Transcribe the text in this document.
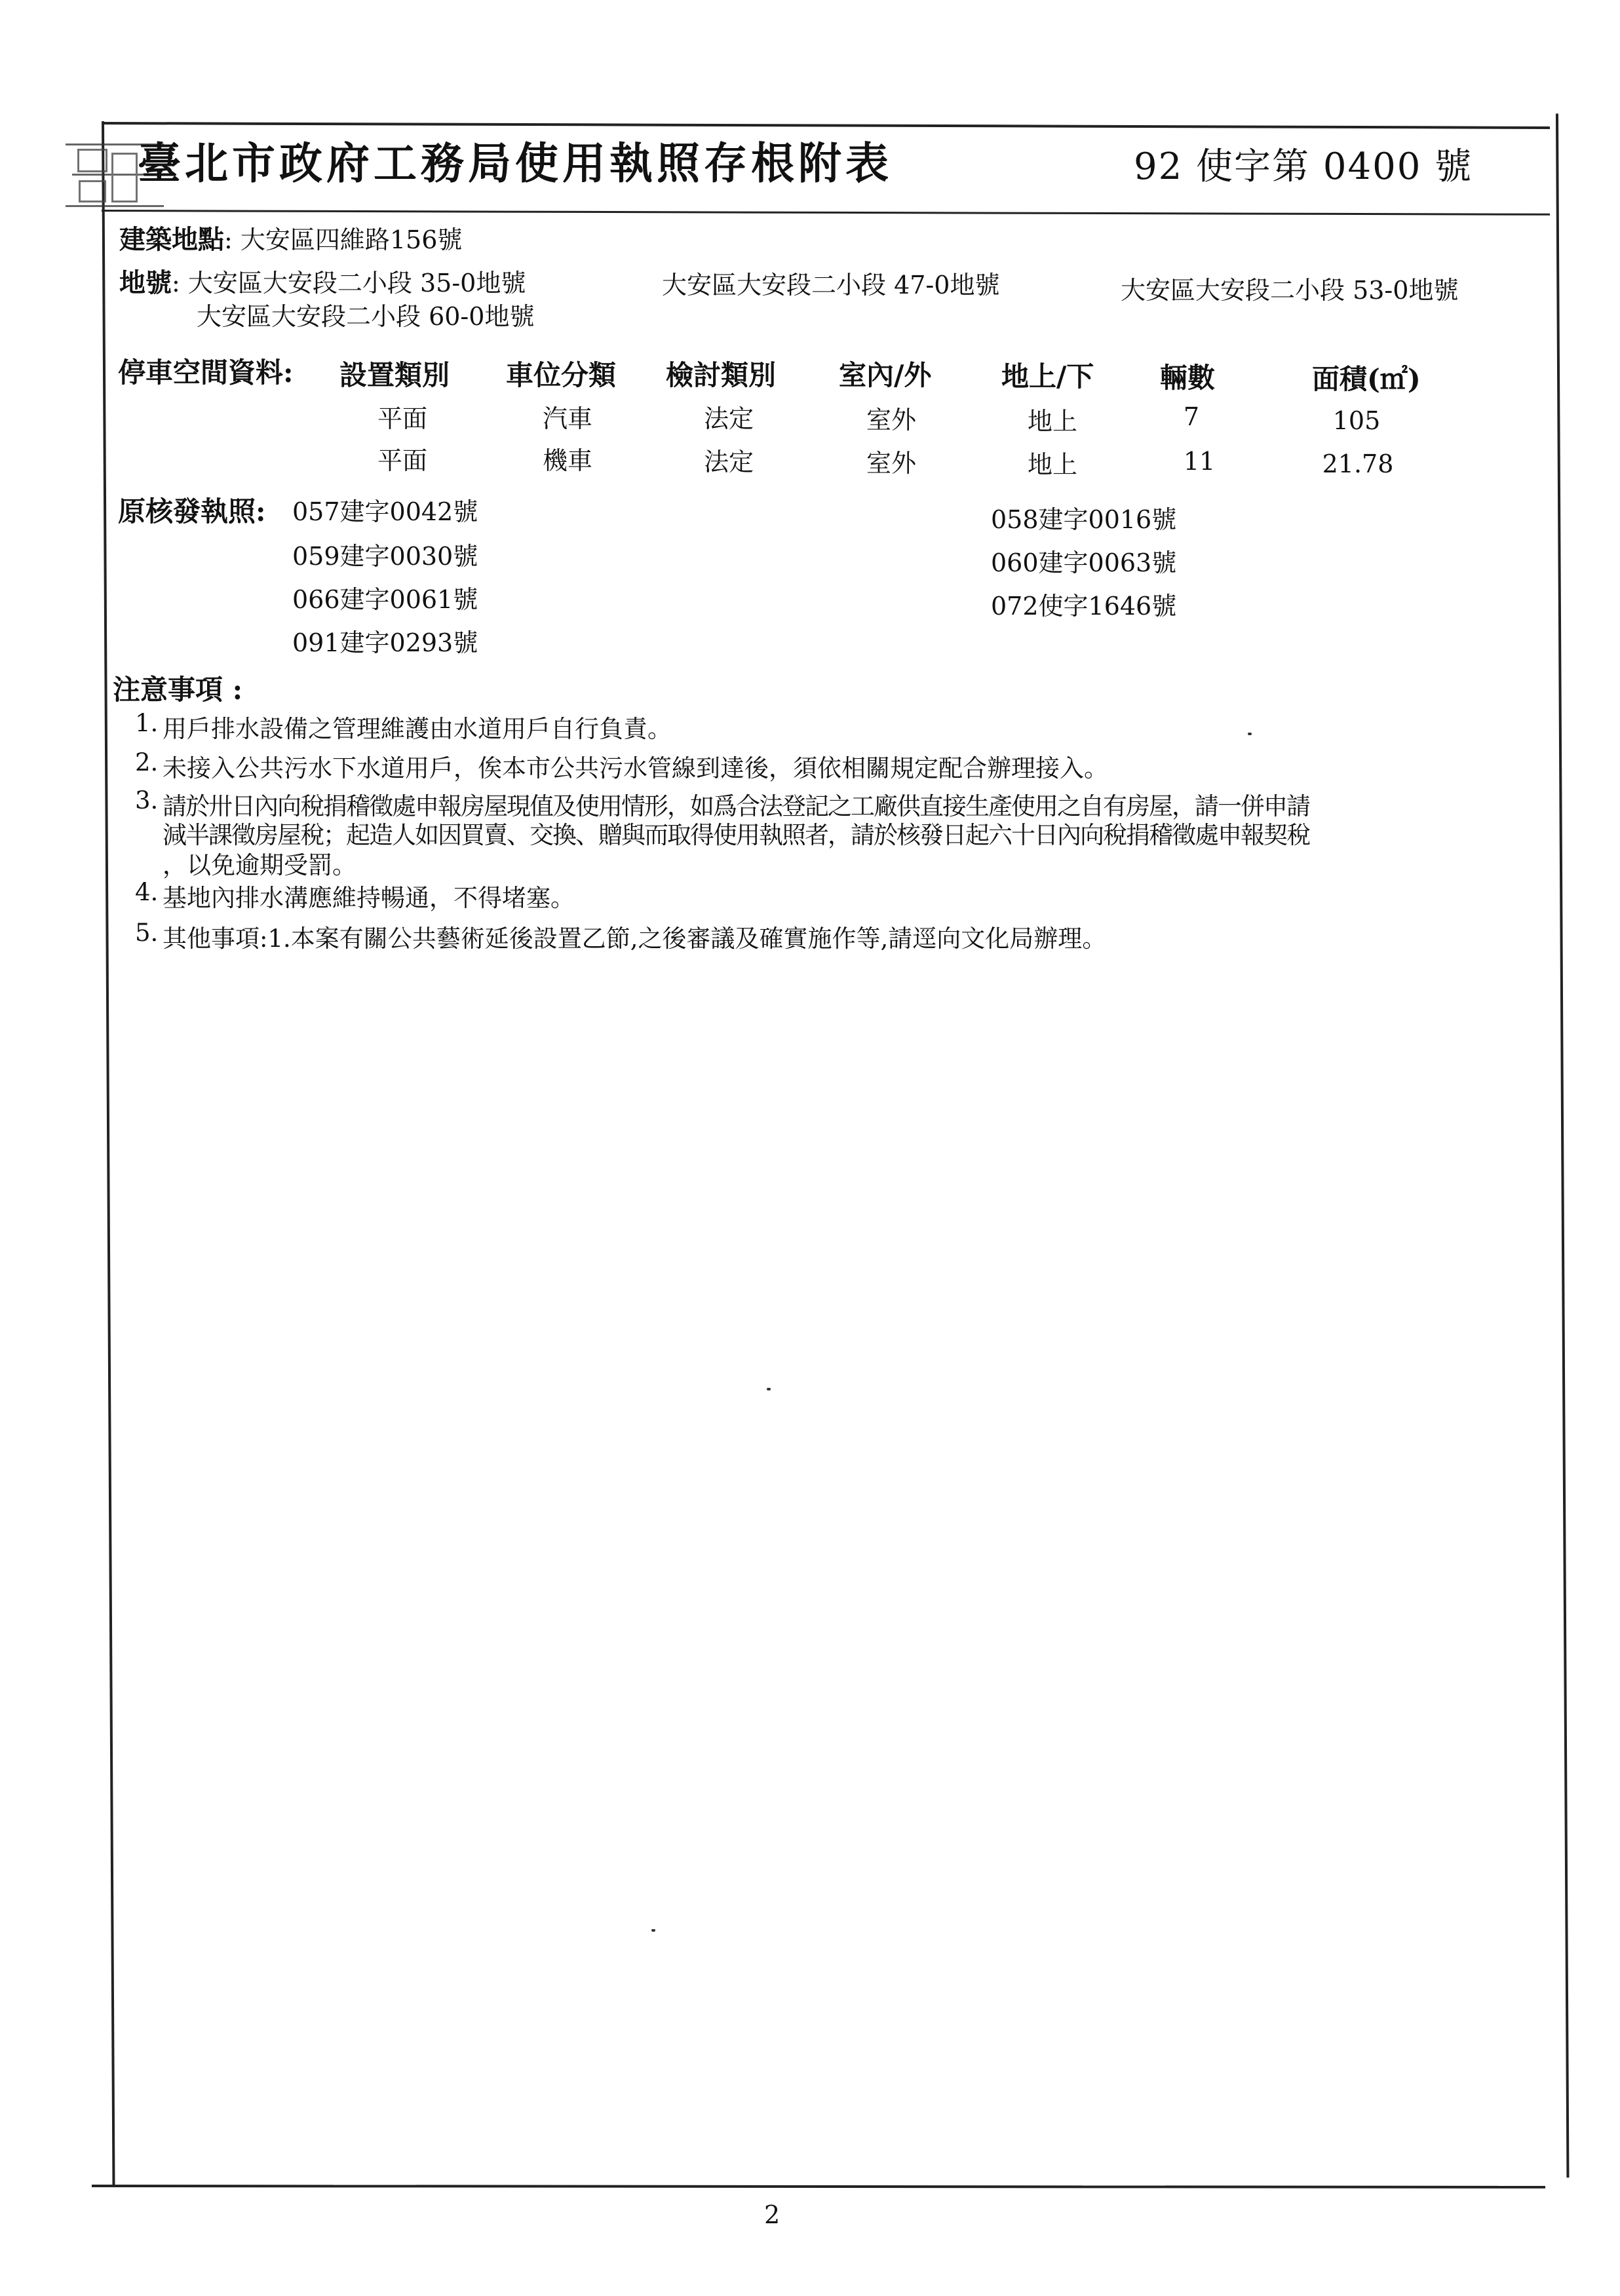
臺北市政府工務局使用執照存根附表	92 使字第 0400 號
建築地點: 大安區四維路156號
地號: 大安區大安段二小段 35-0地號	大安區大安段二小段 47-0地號	大安區大安段二小段 53-0地號
大安區大安段二小段 60-0地號
停車空間資料: 設置類別 車位分類 檢討類別 室內/外	地上/下 輛數	面積(㎡)
平面	汽車	法定	室外	地上	7	105
平面	機車	法定	室外	地上	11	21.78
原核發執照: 057建字0042號
059建字0030號
066建字0061號
091建字0293號
058建字0016號
060建字0063號
072使字1646號
注意事項 :
1. 用戶排水設備之管理維護由水道用戶自行負責。
2. 未接入公共污水下水道用戶，俟本市公共污水管線到達後，須依相關規定配合辦理接入。
3. 請於卅日內向稅捐稽徵處申報房屋現值及使用情形，如爲合法登記之工廠供直接生產使用之自有房屋，請一併申請
減半課徵房屋稅；起造人如因買賣、交換、贈與而取得使用執照者，請於核發日起六十日內向稅捐稽徵處申報契稅
，以免逾期受罰。
4. 基地內排水溝應維持暢通，不得堵塞。
5. 其他事項:1.本案有關公共藝術延後設置乙節,之後審議及確實施作等,請逕向文化局辦理。
2
